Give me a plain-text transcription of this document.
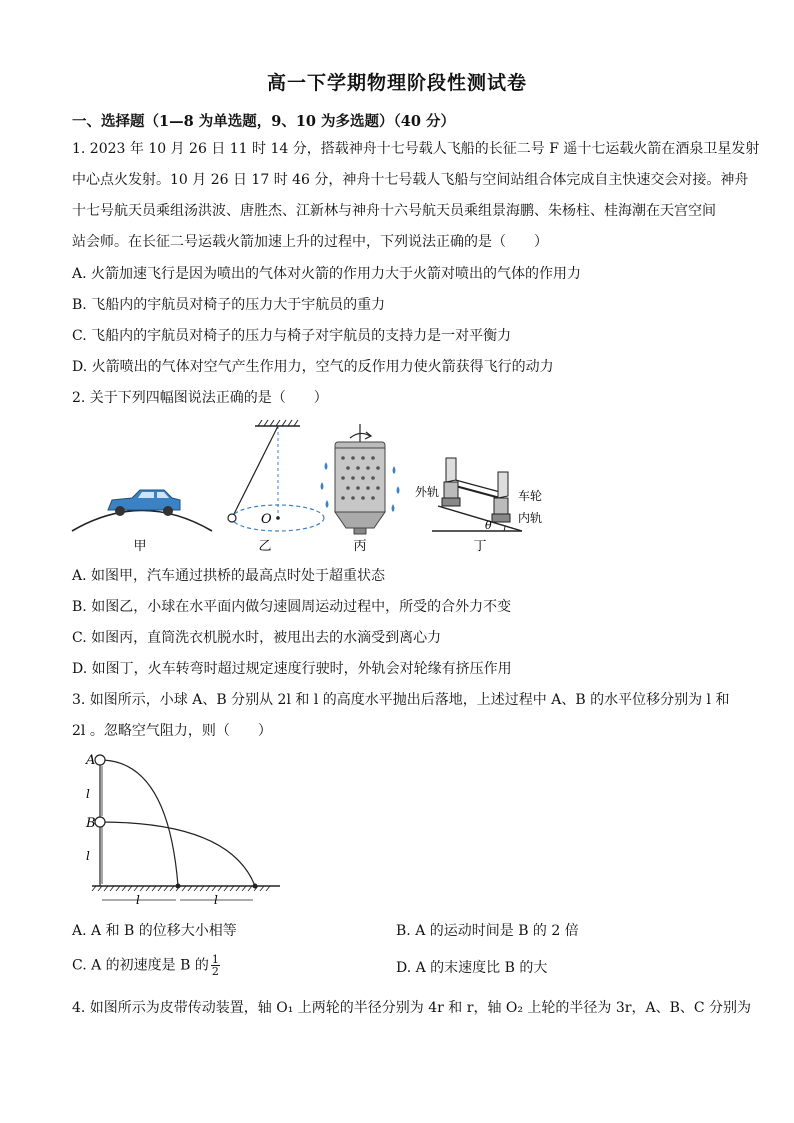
高一下学期物理阶段性测试卷
一、选择题（1—8 为单选题，9、10 为多选题）（40 分）
1. 2023 年 10 月 26 日 11 时 14 分，搭载神舟十七号载人飞船的长征二号 F 遥十七运载火箭在酒泉卫星发射
中心点火发射。10 月 26 日 17 时 46 分，神舟十七号载人飞船与空间站组合体完成自主快速交会对接。神舟
十七号航天员乘组汤洪波、唐胜杰、江新林与神舟十六号航天员乘组景海鹏、朱杨柱、桂海潮在天宫空间
站会师。在长征二号运载火箭加速上升的过程中，下列说法正确的是（　　）
A. 火箭加速飞行是因为喷出的气体对火箭的作用力大于火箭对喷出的气体的作用力
B. 飞船内的宇航员对椅子的压力大于宇航员的重力
C. 飞船内的宇航员对椅子的压力与椅子对宇航员的支持力是一对平衡力
D. 火箭喷出的气体对空气产生作用力，空气的反作用力使火箭获得飞行的动力
2. 关于下列四幅图说法正确的是（　　）
甲
O
乙	丙
θ
外轨	车轮
内轨
丁
A. 如图甲，汽车通过拱桥的最高点时处于超重状态
B. 如图乙，小球在水平面内做匀速圆周运动过程中，所受的合外力不变
C. 如图丙，直筒洗衣机脱水时，被甩出去的水滴受到离心力
D. 如图丁，火车转弯时超过规定速度行驶时，外轨会对轮缘有挤压作用
3. 如图所示，小球 A、B 分别从 2l 和 l 的高度水平抛出后落地，上述过程中 A、B 的水平位移分别为 l 和
2l 。忽略空气阻力，则（　　）
l
l
A
B
l	l
A. A 和 B 的位移大小相等	B. A 的运动时间是 B 的 2 倍
C. A 的初速度是 B 的 $\frac{1}{2}$	D. A 的末速度比 B 的大
4. 如图所示为皮带传动装置，轴 O₁ 上两轮的半径分别为 4r 和 r，轴 O₂ 上轮的半径为 3r，A、B、C 分别为
